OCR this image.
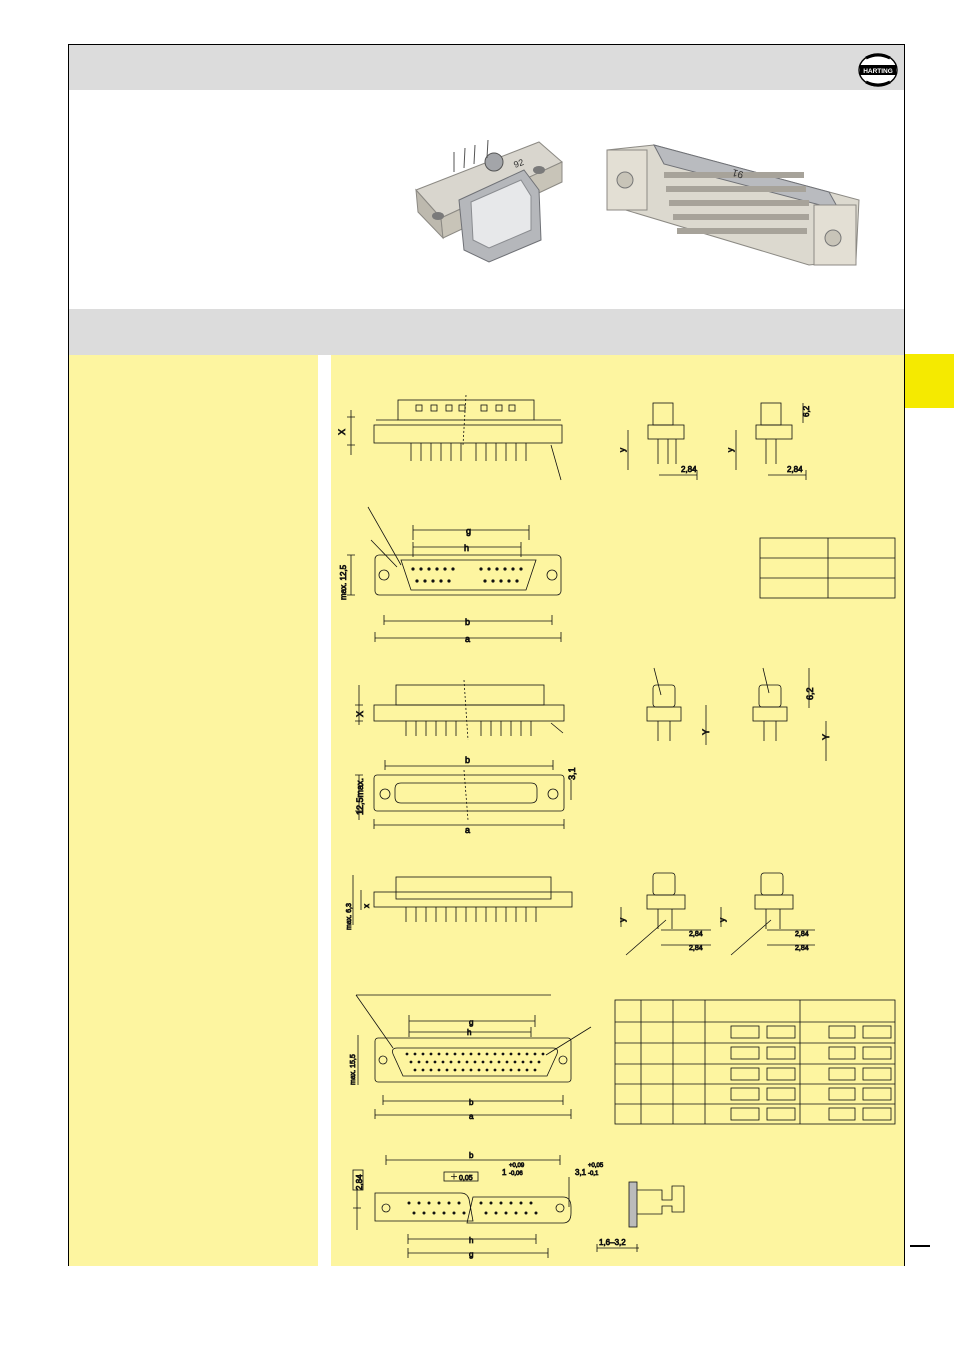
HARTING
92
91
X
y
2,84
y
2,84
6,2
g
h
max. 12,5
b
a
X
Y
6,2
Y
b
12,5max.
a
3,1
max. 6,3 x
y
2,84
2,84
y
2,84
2,84
g
h
max. 15,5
b
a
b
2,84	0,05
1
+0,09
-0,06	3,1
+0,05
-0,1
h
g
1,6–3,2
